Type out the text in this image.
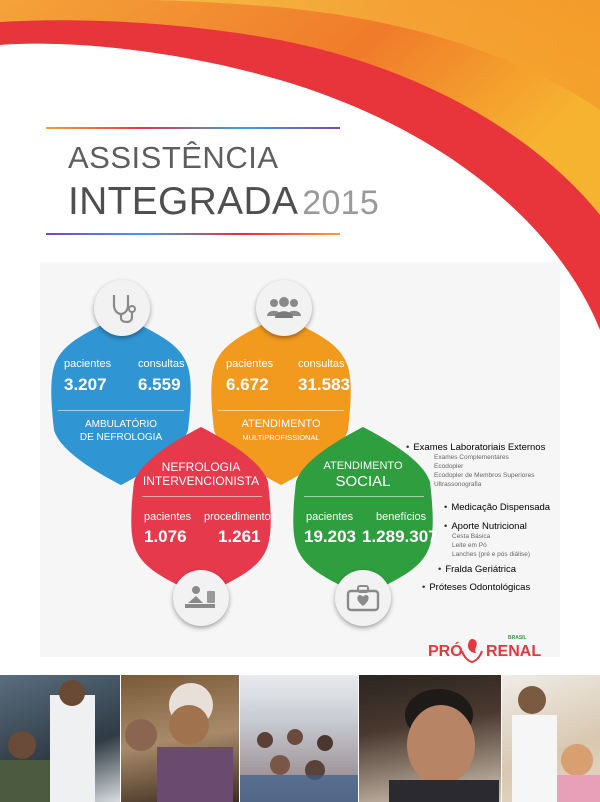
ASSISTÊNCIA
INTEGRADA 2015
pacientes
3.207
consultas
6.559
AMBULATÓRIO
DE NEFROLOGIA
pacientes
6.672
consultas
31.583
ATENDIMENTO
MULTIPROFISSIONAL
NEFROLOGIA
INTERVENCIONISTA
pacientes
1.076
procedimentos
1.261
ATENDIMENTO
SOCIAL
pacientes
19.203
benefícios
1.289.307
• Exames Laboratoriais Externos
Exames Complementares
Ecodopler
Ecodopler de Membros Superiores
Ultrassonografia
• Medicação Dispensada
• Aporte Nutricional
Cesta Básica
Leite em Pó
Lanches (pré e pós diálise)
• Fralda Geriátrica
• Próteses Odontológicas
PRÓ RENAL
BRASIL
